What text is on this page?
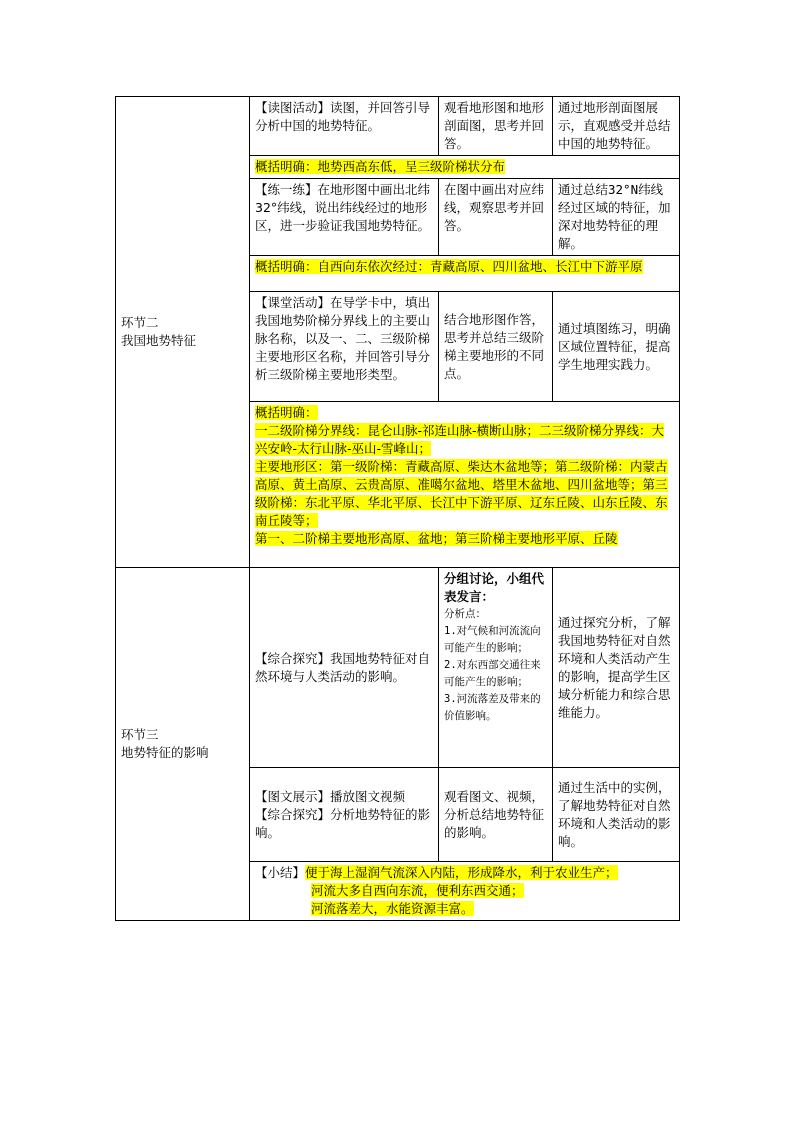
环节二
我国地势特征	【读图活动】读图，并回答引导分析中国的地势特征。	观看地形图和地形剖面图，思考并回答。	通过地形剖面图展示，直观感受并总结中国的地势特征。
	概括明确：地势西高东低，呈三级阶梯状分布		
	【练一练】在地形图中画出北纬32°纬线，说出纬线经过的地形区，进一步验证我国地势特征。	在图中画出对应纬线，观察思考并回答。	通过总结32°N纬线经过区域的特征，加深对地势特征的理解。
	概括明确：自西向东依次经过：青藏高原、四川盆地、长江中下游平原		
	【课堂活动】在导学卡中，填出我国地势阶梯分界线上的主要山脉名称，以及一、二、三级阶梯主要地形区名称，并回答引导分析三级阶梯主要地形类型。	结合地形图作答，思考并总结三级阶梯主要地形的不同点。	通过填图练习，明确区域位置特征，提高学生地理实践力。

	概括明确：
一二级阶梯分界线：昆仑山脉-祁连山脉-横断山脉；二三级阶梯分界线：大兴安岭-太行山脉-巫山-雪峰山；
主要地形区：第一级阶梯：青藏高原、柴达木盆地等；第二级阶梯：内蒙古高原、黄土高原、云贵高原、准噶尔盆地、塔里木盆地、四川盆地等；第三级阶梯：东北平原、华北平原、长江中下游平原、辽东丘陵、山东丘陵、东南丘陵等；
第一、二阶梯主要地形高原、盆地；第三阶梯主要地形平原、丘陵		

环节三
地势特征的影响	【综合探究】我国地势特征对自然环境与人类活动的影响。	分组讨论，小组代表发言：
分析点：
1.对气候和河流流向可能产生的影响；
2.对东西部交通往来可能产生的影响；
3.河流落差及带来的价值影响。	通过探究分析，了解我国地势特征对自然环境和人类活动产生的影响，提高学生区域分析能力和综合思维能力。

	【图文展示】播放图文视频
【综合探究】分析地势特征的影响。	观看图文、视频，分析总结地势特征的影响。	通过生活中的实例，了解地势特征对自然环境和人类活动的影响。

	【小结】便于海上湿润气流深入内陆，形成降水，利于农业生产；
河流大多自西向东流，便利东西交通；
河流落差大，水能资源丰富。		
